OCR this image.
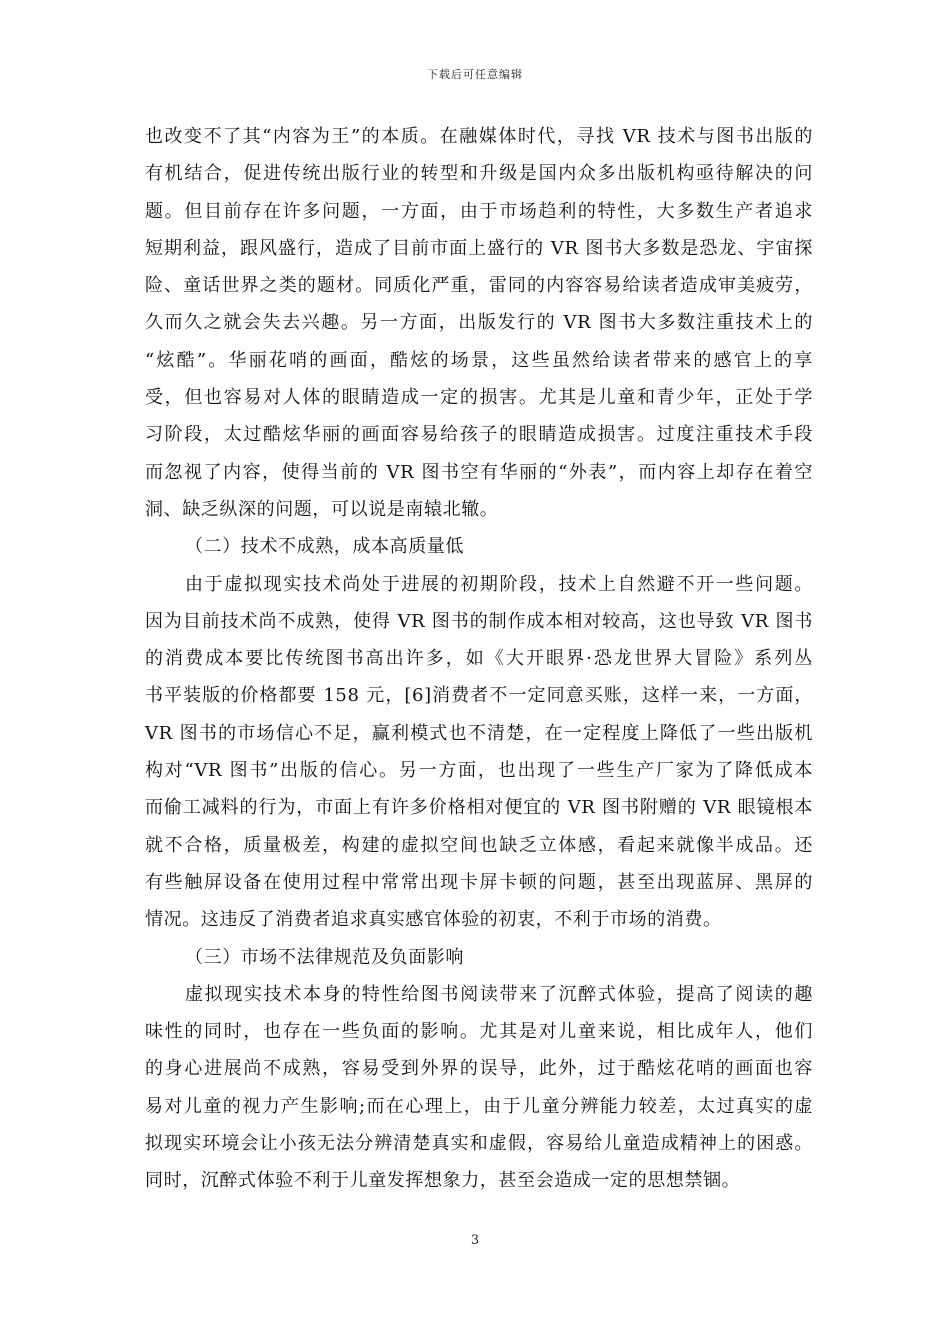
下载后可任意编辑
也改变不了其“内容为王”的本质。在融媒体时代，寻找 VR 技术与图书出版的
有机结合，促进传统出版行业的转型和升级是国内众多出版机构亟待解决的问
题。但目前存在许多问题，一方面，由于市场趋利的特性，大多数生产者追求
短期利益，跟风盛行，造成了目前市面上盛行的 VR 图书大多数是恐龙、宇宙探
险、童话世界之类的题材。同质化严重，雷同的内容容易给读者造成审美疲劳，
久而久之就会失去兴趣。另一方面，出版发行的 VR 图书大多数注重技术上的
“炫酷”。华丽花哨的画面，酷炫的场景，这些虽然给读者带来的感官上的享
受，但也容易对人体的眼睛造成一定的损害。尤其是儿童和青少年，正处于学
习阶段，太过酷炫华丽的画面容易给孩子的眼睛造成损害。过度注重技术手段
而忽视了内容，使得当前的 VR 图书空有华丽的“外表”，而内容上却存在着空
洞、缺乏纵深的问题，可以说是南辕北辙。
（二）技术不成熟，成本高质量低
由于虚拟现实技术尚处于进展的初期阶段，技术上自然避不开一些问题。
因为目前技术尚不成熟，使得 VR 图书的制作成本相对较高，这也导致 VR 图书
的消费成本要比传统图书高出许多，如《大开眼界·恐龙世界大冒险》系列丛
书平装版的价格都要 158 元，[6]消费者不一定同意买账，这样一来，一方面，
VR 图书的市场信心不足，赢利模式也不清楚，在一定程度上降低了一些出版机
构对“VR 图书”出版的信心。另一方面，也出现了一些生产厂家为了降低成本
而偷工减料的行为，市面上有许多价格相对便宜的 VR 图书附赠的 VR 眼镜根本
就不合格，质量极差，构建的虚拟空间也缺乏立体感，看起来就像半成品。还
有些触屏设备在使用过程中常常出现卡屏卡顿的问题，甚至出现蓝屏、黑屏的
情况。这违反了消费者追求真实感官体验的初衷，不利于市场的消费。
（三）市场不法律规范及负面影响
虚拟现实技术本身的特性给图书阅读带来了沉醉式体验，提高了阅读的趣
味性的同时，也存在一些负面的影响。尤其是对儿童来说，相比成年人，他们
的身心进展尚不成熟，容易受到外界的误导，此外，过于酷炫花哨的画面也容
易对儿童的视力产生影响;而在心理上，由于儿童分辨能力较差，太过真实的虚
拟现实环境会让小孩无法分辨清楚真实和虚假，容易给儿童造成精神上的困惑。
同时，沉醉式体验不利于儿童发挥想象力，甚至会造成一定的思想禁锢。
3
